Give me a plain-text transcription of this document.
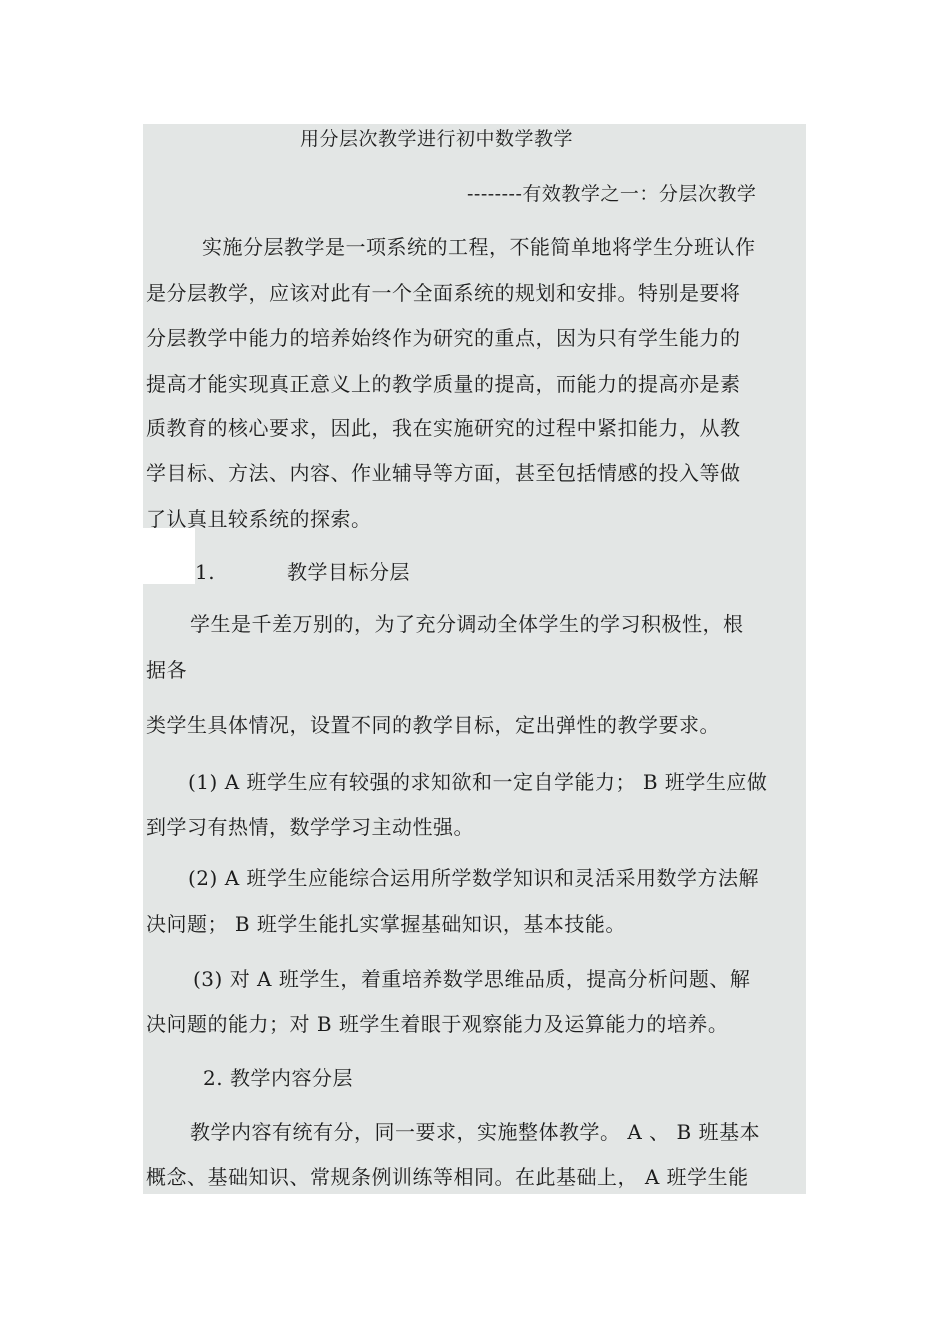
用分层次教学进行初中数学教学
--------有效教学之一：分层次教学
实施分层教学是一项系统的工程，不能简单地将学生分班认作
是分层教学，应该对此有一个全面系统的规划和安排。特别是要将
分层教学中能力的培养始终作为研究的重点，因为只有学生能力的
提高才能实现真正意义上的教学质量的提高，而能力的提高亦是素
质教育的核心要求，因此，我在实施研究的过程中紧扣能力，从教
学目标、方法、内容、作业辅导等方面，甚至包括情感的投入等做
了认真且较系统的探索。
1.	教学目标分层
学生是千差万别的，为了充分调动全体学生的学习积极性，根
据各
类学生具体情况，设置不同的教学目标，定出弹性的教学要求。
(1) A 班学生应有较强的求知欲和一定自学能力； B 班学生应做
到学习有热情，数学学习主动性强。
(2) A 班学生应能综合运用所学数学知识和灵活采用数学方法解
决问题； B 班学生能扎实掌握基础知识，基本技能。
(3) 对 A 班学生，着重培养数学思维品质，提高分析问题、解
决问题的能力；对 B 班学生着眼于观察能力及运算能力的培养。
2. 教学内容分层
教学内容有统有分，同一要求，实施整体教学。 A 、 B 班基本
概念、基础知识、常规条例训练等相同。在此基础上， A 班学生能
